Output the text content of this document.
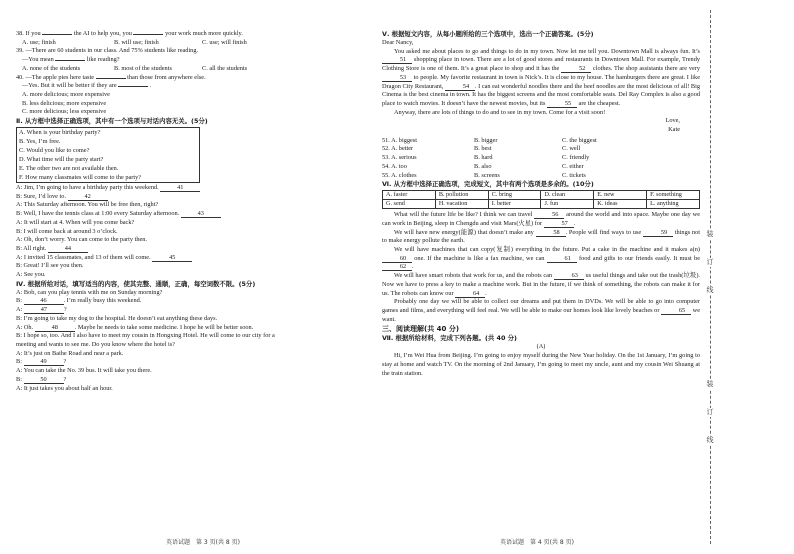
38. If you	the AI to help you, you	your work much more quickly.
A. use; finish	B. will use; finish	C. use; will finish
39. —There are 60 students in our class. And 75% students like reading.
—You mean	like reading?
A. none of the students	B. most of the students	C. all the students
40. —The apple pies here taste	than those from anywhere else.
—Yes. But it will be better if they are	.
A. more delicious; more expensive
B. less delicious; more expensive
C. more delicious; less expensive
Ⅱ. 从方框中选择正确选项，其中有一个选项与对话内容无关。(5分)
A. When is your birthday party?
B. Yes, I’m free.
C. Would you like to come?
D. What time will the party start?
E. The other two are not available then.
F. How many classmates will come to the party?
A: Jim, I’m going to have a birthday party this weekend.	41
B: Sure, I’d love to.	42
A: This Saturday afternoon. You will be free then, right?
B: Well, I have the tennis class at 1:00 every Saturday afternoon.	43
A: It will start at 4. When will you come back?
B: I will come back at around 3 o’clock.
A: Oh, don’t worry. You can come to the party then.
B: All right.	44
A: I invited 15 classmates, and 13 of them will come.	45
B: Great! I’ll see you then.
A: See you.
Ⅳ. 根据所给对话，填写适当的内容，使其完整、通顺，正确，每空词数不限。(5分)
A: Bob, can you play tennis with me on Sunday morning?
B:	46	. I’m really busy this weekend.
A:	47	?
B: I’m going to take my dog to the hospital. He doesn’t eat anything these days.
A: Oh.	48	. Maybe he needs to take some medicine. I hope he will be better soon.
B: I hope so, too. And I also have to meet my cousin in Hongxing Hotel. He will come to our city for a
meeting and wants to see me. Do you know where the hotel is?
A: It’s just on Baihe Road and near a park.
B:	49	?
A: You can take the No. 39 bus. It will take you there.
B:	50	?
A: It just takes you about half an hour.
英语试题　第 3 页(共 8 页)
Ⅴ. 根据短文内容，从每小题所给的三个选项中，选出一个正确答案。(5分)
Dear Nancy,
You asked me about places to go and things to do in my town. Now let me tell you. Downtown Mall is always fun. It’s 51 shopping place in town. There are a lot of good stores and restaurants in Downtown Mall. For example, Trendy Clothing Store is one of them. It’s a great place to shop and it has the	52 clothes. The shop assistants there are very 53 to people. My favorite restaurant in town is Nick’s. It is close to my house. The hamburgers there are great. I like Dragon City Restaurant,	54 . I can eat wonderful noodles there and the beef noodles are the most delicious of all! Big Cinema is the best cinema in town. It has the biggest screens and the most comfortable seats. Del Ray Complex is also a good place to watch movies. It doesn’t have the newest movies, but its	55 are the cheapest.
Anyway, there are lots of things to do and to see in my town. Come for a visit soon!
Love,
Kate
51. A. biggest	B. bigger	C. the biggest
52. A. better	B. best	C. well
53. A. serious	B. hard	C. friendly
54. A. too	B. also	C. either
55. A. clothes	B. screens	C. tickets
Ⅵ. 从方框中选择正确选项，完成短文，其中有两个选项是多余的。(10分)
A. faster	B. pollution	C. bring	D. clean	E. new	F. something
G. send	H. vacation	I. better	J. fun	K. ideas	L. anything
What will the future life be like? I think we can travel	56 around the world and into space. Maybe one day we can work in Beijing, sleep in Chengdu and visit Mars(火星) for	57 .
We will have new energy(能源) that doesn’t make any	58 . People will find ways to use	59 things not to make energy pollute the earth.
We will have machines that can copy(复制) everything in the future. Put a cake in the machine and it makes a(n) 60 one. If the machine is like a fax machine, we can	61 food and gifts to our friends easily. It must be 62 .
We will have smart robots that work for us, and the robots can	63 us useful things and take out the trash(垃圾). Now we have to press a key to make a machine work. But in the future, if we think of something, the robots can make it for us. The robots can know our	64 .
Probably one day we will be able to collect our dreams and put them in DVDs. We will be able to go into computer games and films, and everything will feel real. We will be able to make our homes look like lovely beaches or	65 we want.
三、阅读理解(共 40 分)
Ⅶ. 根据所给材料，完成下列各题。(共 40 分)
(A)
Hi, I’m Wei Hua from Beijing. I’m going to enjoy myself during the New Year holiday. On the 1st January, I’m going to stay at home and watch TV. On the morning of 2nd January, I’m going to meet my uncle, aunt and my cousin Wei Shuang at the train station.
英语试题　第 4 页(共 8 页)
装
订
线
装
订
线
